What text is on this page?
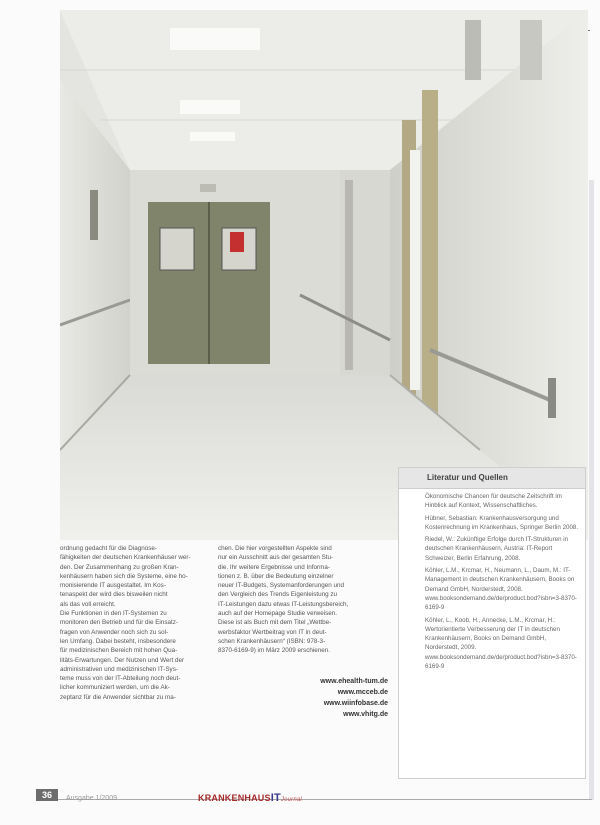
ordnung gedacht für die Diagnose-

fähigkeiten der deutschen Krankenhäuser wer-

den. Der Zusammenhang zu großen Kran-

kenhäusern haben sich die Systeme, eine ho-

monisierende IT ausgestaltet. Im Kos-

tenaspekt der wird dies bisweilen nicht

als das voll erreicht.

Die Funktionen in den IT-Systemen zu

monitoren den Betrieb und für die Einsatz-

fragen von Anwender noch sich zu sol-

len Umfang. Dabei besteht, insbesondere

für medizinischen Bereich mit hohen Qua-

litäts-Erwartungen. Der Nutzen und Wert der

administrativen und medizinischen IT-Sys-

teme muss von der IT-Abteilung noch deut-

licher kommuniziert werden, um die Ak-

zeptanz für die Anwender sichtbar zu ma-

chen. Die hier vorgestellten Aspekte sind

nur ein Ausschnitt aus der gesamten Stu-

die. Ihr weitere Ergebnisse und Informa-

tionen z. B. über die Bedeutung einzelner

neuer IT-Budgets, Systemanforderungen und

den Vergleich des Trends Eigenleistung zu

IT-Leistungen dazu etwas IT-Leistungsbereich,

auch auf der Homepage Studie verweisen.

Diese ist als Buch mit dem Titel „Wettbe-

werbsfaktor Wertbeitrag von IT in deut-

schen Krankenhäusern“ (ISBN: 978-3-

8370-6169-9) im März 2009 erschienen.

www.ehealth-tum.de
www.mcceb.de
www.wiinfobase.de
www.vhitg.de
Literatur und Quellen

Ökonomische Chancen für deutsche Zeitschrift im Hinblick auf Kontext, Wissenschaftliches.

Hübner, Sebastian: Krankenhausversorgung und Kostenrechnung im Krankenhaus, Springer Berlin 2008.

Riedel, W.: Zukünftige Erfolge durch IT-Strukturen in deutschen Krankenhäusern, Austria: IT-Report Schweizer, Berlin Erfahrung, 2008.

Köhler, L.M., Krcmar, H., Neumann, L., Daum, M.: IT-Management in deutschen Krankenhäusern, Books on Demand GmbH, Norderstedt, 2008. www.booksondemand.de/de/product.bod?isbn=3-8370-6169-9

Köhler, L., Koob, H., Annecke, L.M., Krcmar, H.: Wertorientierte Verbesserung der IT in deutschen Krankenhäusern, Books on Demand GmbH, Norderstedt, 2009. www.booksondemand.de/de/product.bod?isbn=3-8370-6169-9

36	Ausgabe 1/2009	KRANKENHAUSITJournal
